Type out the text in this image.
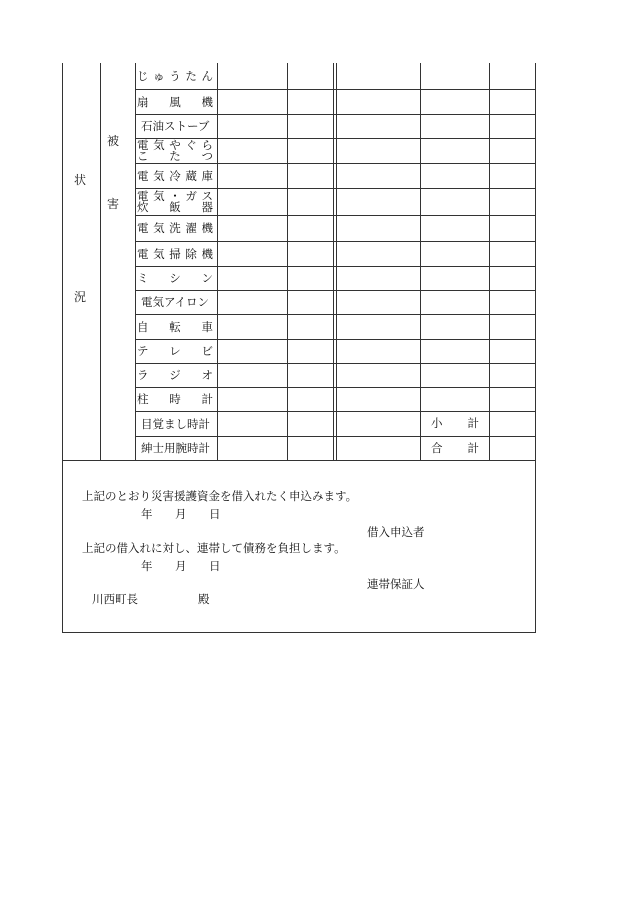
じ ゅ う た ん
扇 風 機
石油ストーブ
電 気 や ぐ ら
こ た つ
電 気 冷 蔵 庫
電 気 ・ ガ ス
炊 飯 器
電 気 洗 濯 機
電 気 掃 除 機
ミ シ ン
電気アイロン
自 転 車
テ レ ビ
ラ ジ オ
柱 時 計
目覚まし時計
紳士用腕時計
状
況
被
害
小 計
合 計
上記のとおり災害援護資金を借入れたく申込みます。
年 月 日
借入申込者
上記の借入れに対し、連帯して債務を負担します。
年 月 日
連帯保証人
川西町長	殿
